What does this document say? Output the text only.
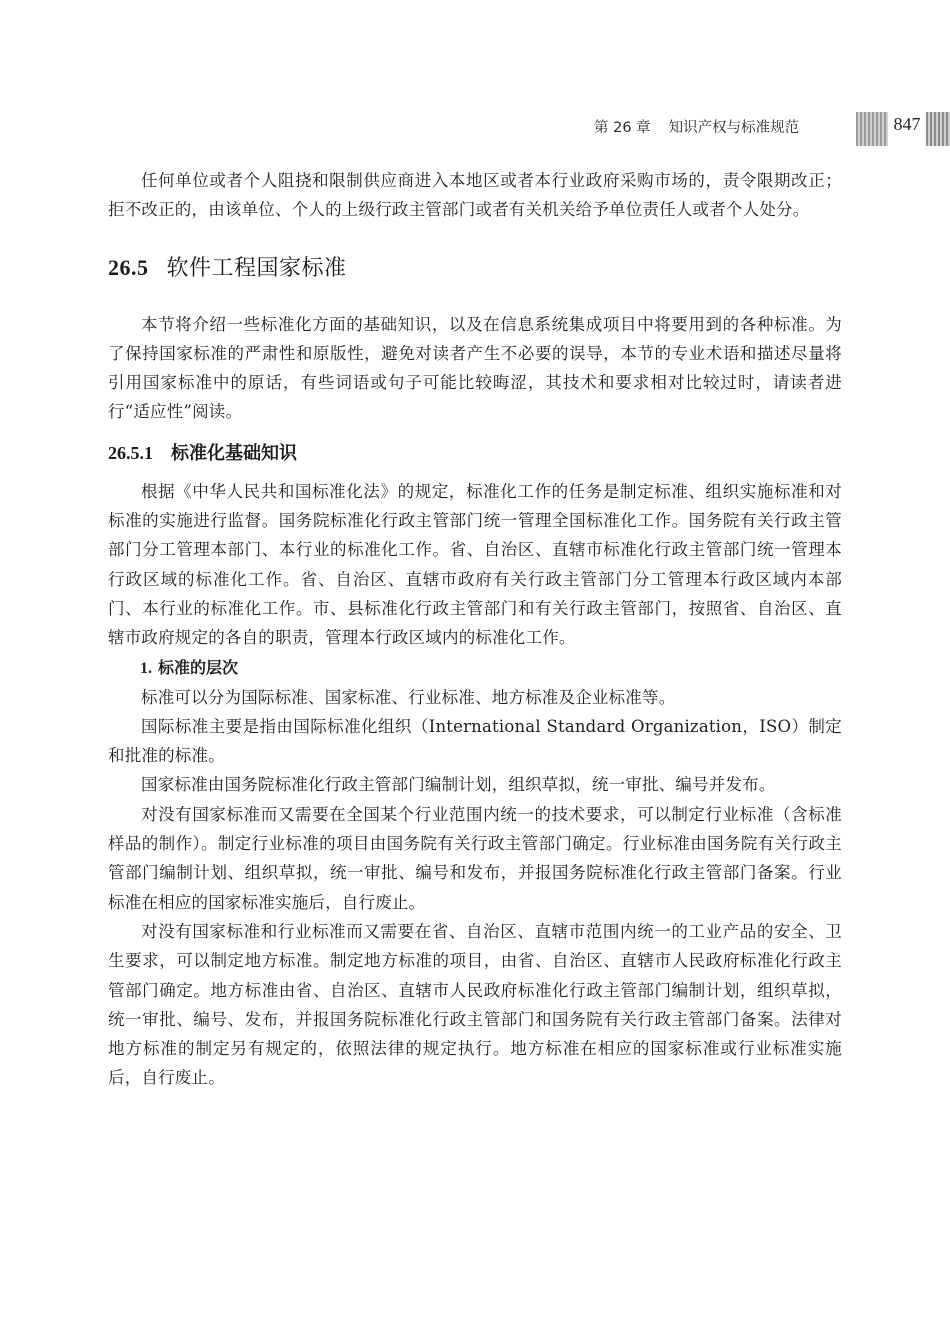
第 26 章 知识产权与标准规范	847

任何单位或者个人阻挠和限制供应商进入本地区或者本行业政府采购市场的，责令限期改正；拒不改正的，由该单位、个人的上级行政主管部门或者有关机关给予单位责任人或者个人处分。

26.5 软件工程国家标准

本节将介绍一些标准化方面的基础知识，以及在信息系统集成项目中将要用到的各种标准。为了保持国家标准的严肃性和原版性，避免对读者产生不必要的误导，本节的专业术语和描述尽量将引用国家标准中的原话，有些词语或句子可能比较晦涩，其技术和要求相对比较过时，请读者进行“适应性”阅读。

26.5.1 标准化基础知识

根据《中华人民共和国标准化法》的规定，标准化工作的任务是制定标准、组织实施标准和对标准的实施进行监督。国务院标准化行政主管部门统一管理全国标准化工作。国务院有关行政主管部门分工管理本部门、本行业的标准化工作。省、自治区、直辖市标准化行政主管部门统一管理本行政区域的标准化工作。省、自治区、直辖市政府有关行政主管部门分工管理本行政区域内本部门、本行业的标准化工作。市、县标准化行政主管部门和有关行政主管部门，按照省、自治区、直辖市政府规定的各自的职责，管理本行政区域内的标准化工作。

1. 标准的层次

标准可以分为国际标准、国家标准、行业标准、地方标准及企业标准等。

国际标准主要是指由国际标准化组织（International Standard Organization，ISO）制定和批准的标准。

国家标准由国务院标准化行政主管部门编制计划，组织草拟，统一审批、编号并发布。

对没有国家标准而又需要在全国某个行业范围内统一的技术要求，可以制定行业标准（含标准样品的制作）。制定行业标准的项目由国务院有关行政主管部门确定。行业标准由国务院有关行政主管部门编制计划、组织草拟，统一审批、编号和发布，并报国务院标准化行政主管部门备案。行业标准在相应的国家标准实施后，自行废止。

对没有国家标准和行业标准而又需要在省、自治区、直辖市范围内统一的工业产品的安全、卫生要求，可以制定地方标准。制定地方标准的项目，由省、自治区、直辖市人民政府标准化行政主管部门确定。地方标准由省、自治区、直辖市人民政府标准化行政主管部门编制计划，组织草拟，统一审批、编号、发布，并报国务院标准化行政主管部门和国务院有关行政主管部门备案。法律对地方标准的制定另有规定的，依照法律的规定执行。地方标准在相应的国家标准或行业标准实施后，自行废止。
